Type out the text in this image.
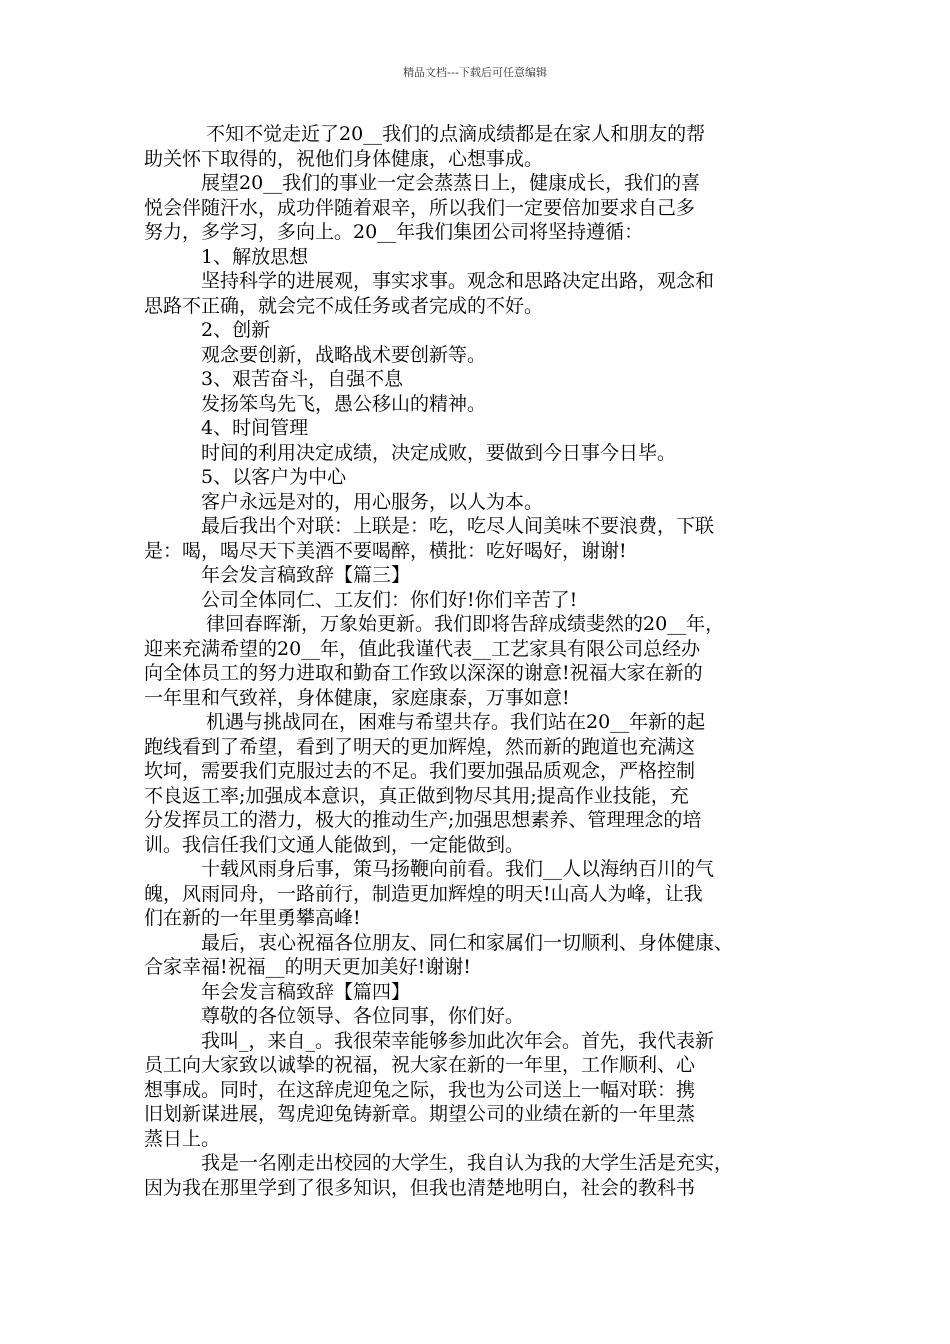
精品文档---下载后可任意编辑
不知不觉走近了20__我们的点滴成绩都是在家人和朋友的帮
助关怀下取得的，祝他们身体健康，心想事成。
展望20__我们的事业一定会蒸蒸日上，健康成长，我们的喜
悦会伴随汗水，成功伴随着艰辛，所以我们一定要倍加要求自己多
努力，多学习，多向上。20__年我们集团公司将坚持遵循：
1、解放思想
坚持科学的进展观，事实求事。观念和思路决定出路，观念和
思路不正确，就会完不成任务或者完成的不好。
2、创新
观念要创新，战略战术要创新等。
3、艰苦奋斗，自强不息
发扬笨鸟先飞，愚公移山的精神。
4、时间管理
时间的利用决定成绩，决定成败，要做到今日事今日毕。
5、以客户为中心
客户永远是对的，用心服务，以人为本。
最后我出个对联：上联是：吃，吃尽人间美味不要浪费，下联
是：喝，喝尽天下美酒不要喝醉，横批：吃好喝好，谢谢!
年会发言稿致辞【篇三】
公司全体同仁、工友们：你们好!你们辛苦了!
律回春晖渐，万象始更新。我们即将告辞成绩斐然的20__年，
迎来充满希望的20__年，值此我谨代表__工艺家具有限公司总经办
向全体员工的努力进取和勤奋工作致以深深的谢意!祝福大家在新的
一年里和气致祥，身体健康，家庭康泰，万事如意!
机遇与挑战同在，困难与希望共存。我们站在20__年新的起
跑线看到了希望，看到了明天的更加辉煌，然而新的跑道也充满这
坎坷，需要我们克服过去的不足。我们要加强品质观念，严格控制
不良返工率;加强成本意识，真正做到物尽其用;提高作业技能，充
分发挥员工的潜力，极大的推动生产;加强思想素养、管理理念的培
训。我信任我们文通人能做到，一定能做到。
十载风雨身后事，策马扬鞭向前看。我们__人以海纳百川的气
魄，风雨同舟，一路前行，制造更加辉煌的明天!山高人为峰，让我
们在新的一年里勇攀高峰!
最后，衷心祝福各位朋友、同仁和家属们一切顺利、身体健康、
合家幸福!祝福__的明天更加美好!谢谢!
年会发言稿致辞【篇四】
尊敬的各位领导、各位同事，你们好。
我叫_，来自_。我很荣幸能够参加此次年会。首先，我代表新
员工向大家致以诚挚的祝福，祝大家在新的一年里，工作顺利、心
想事成。同时，在这辞虎迎兔之际，我也为公司送上一幅对联：携
旧划新谋进展，驾虎迎兔铸新章。期望公司的业绩在新的一年里蒸
蒸日上。
我是一名刚走出校园的大学生，我自认为我的大学生活是充实，
因为我在那里学到了很多知识，但我也清楚地明白，社会的教科书
